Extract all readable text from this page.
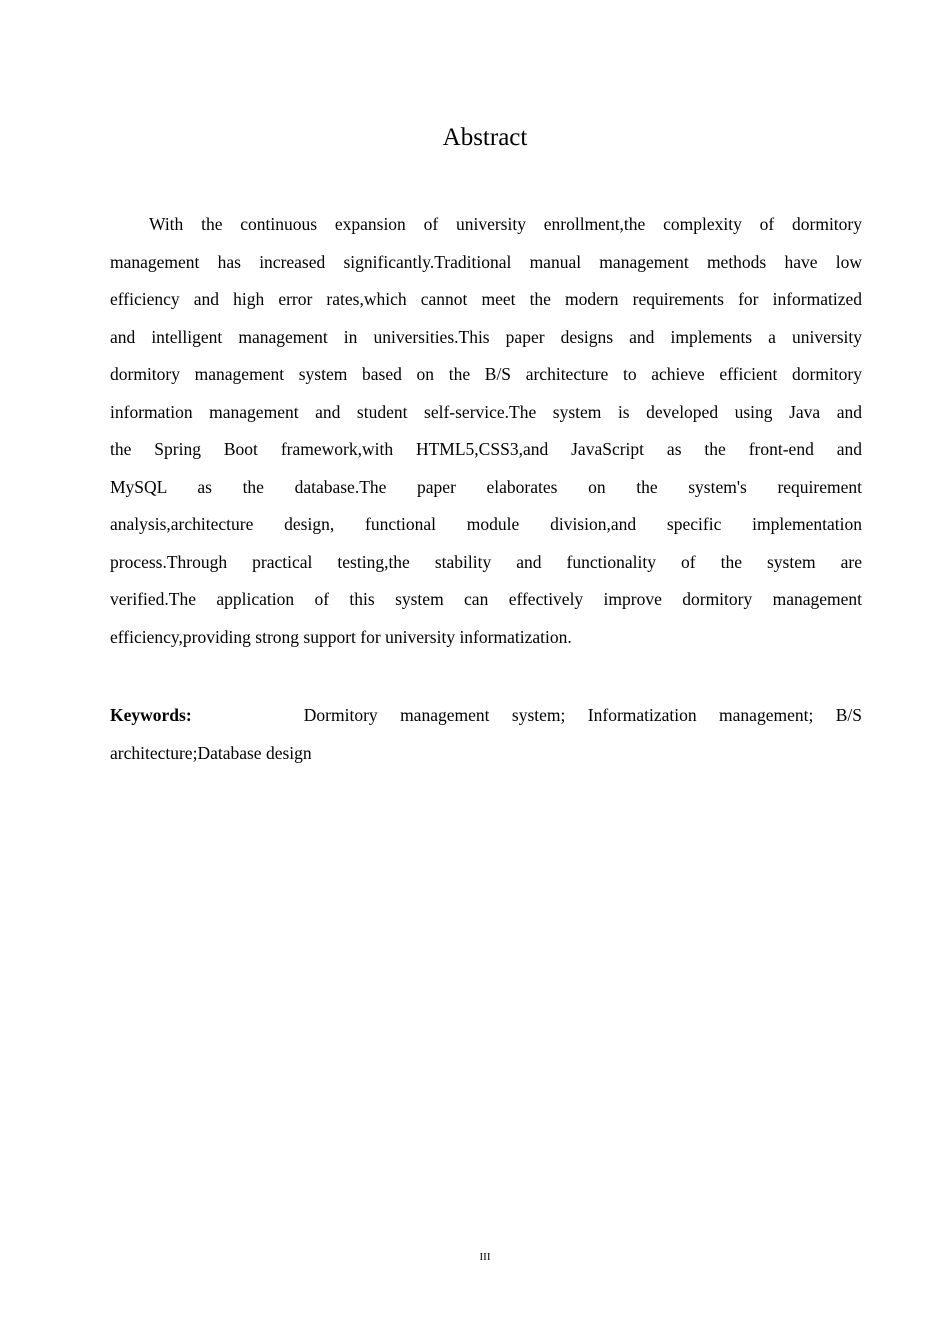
Abstract
With the continuous expansion of university enrollment,the complexity of dormitory
management has increased significantly.Traditional manual management methods have low
efficiency and high error rates,which cannot meet the modern requirements for informatized
and intelligent management in universities.This paper designs and implements a university
dormitory management system based on the B/S architecture to achieve efficient dormitory
information management and student self-service.The system is developed using Java and
the Spring Boot framework,with HTML5,CSS3,and JavaScript as the front-end and
MySQL as the database.The paper elaborates on the system's requirement
analysis,architecture design, functional module division,and specific implementation
process.Through practical testing,the stability and functionality of the system are
verified.The application of this system can effectively improve dormitory management
efficiency,providing strong support for university informatization.
Keywords:	Dormitory management system; Informatization management; B/S
architecture;Database design
III
